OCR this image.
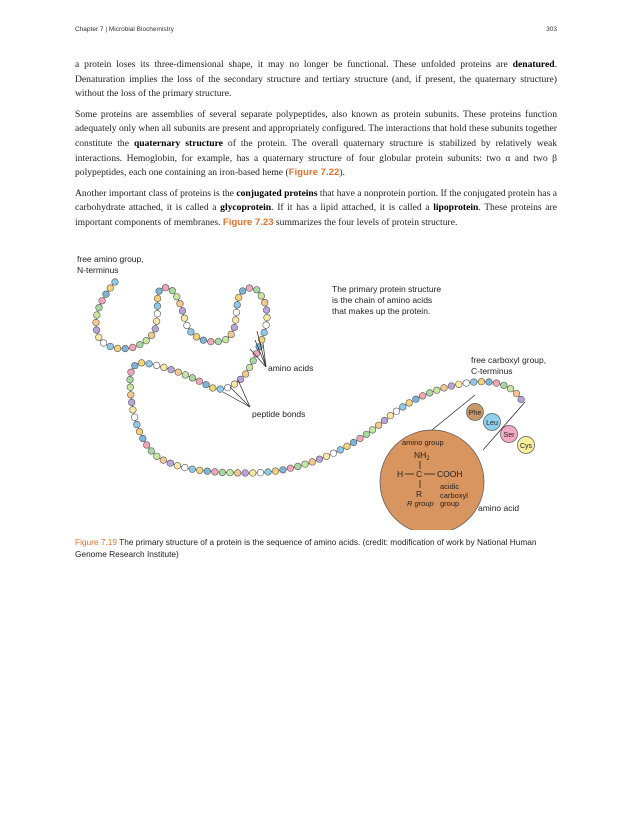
Chapter 7 | Microbial Biochemistry	303

a protein loses its three-dimensional shape, it may no longer be functional. These unfolded proteins are denatured. Denaturation implies the loss of the secondary structure and tertiary structure (and, if present, the quaternary structure) without the loss of the primary structure.

Some proteins are assemblies of several separate polypeptides, also known as protein subunits. These proteins function adequately only when all subunits are present and appropriately configured. The interactions that hold these subunits together constitute the quaternary structure of the protein. The overall quaternary structure is stabilized by relatively weak interactions. Hemoglobin, for example, has a quaternary structure of four globular protein subunits: two α and two β polypeptides, each one containing an iron-based heme (Figure 7.22).

Another important class of proteins is the conjugated proteins that have a nonprotein portion. If the conjugated protein has a carbohydrate attached, it is called a glycoprotein. If it has a lipid attached, it is called a lipoprotein. These proteins are important components of membranes. Figure 7.23 summarizes the four levels of protein structure.

free amino group,
N-terminus
The primary protein structure
is the chain of amino acids
that makes up the protein.
amino acids
peptide bonds
free carboxyl group,
C-terminus
Phe
Leu
Ser
Cys
amino group
$NH_2$
H C COOH
R
R group
acidic
carboxyl
group amino acid
Figure 7.19 The primary structure of a protein is the sequence of amino acids. (credit: modification of work by National Human Genome Research Institute)
